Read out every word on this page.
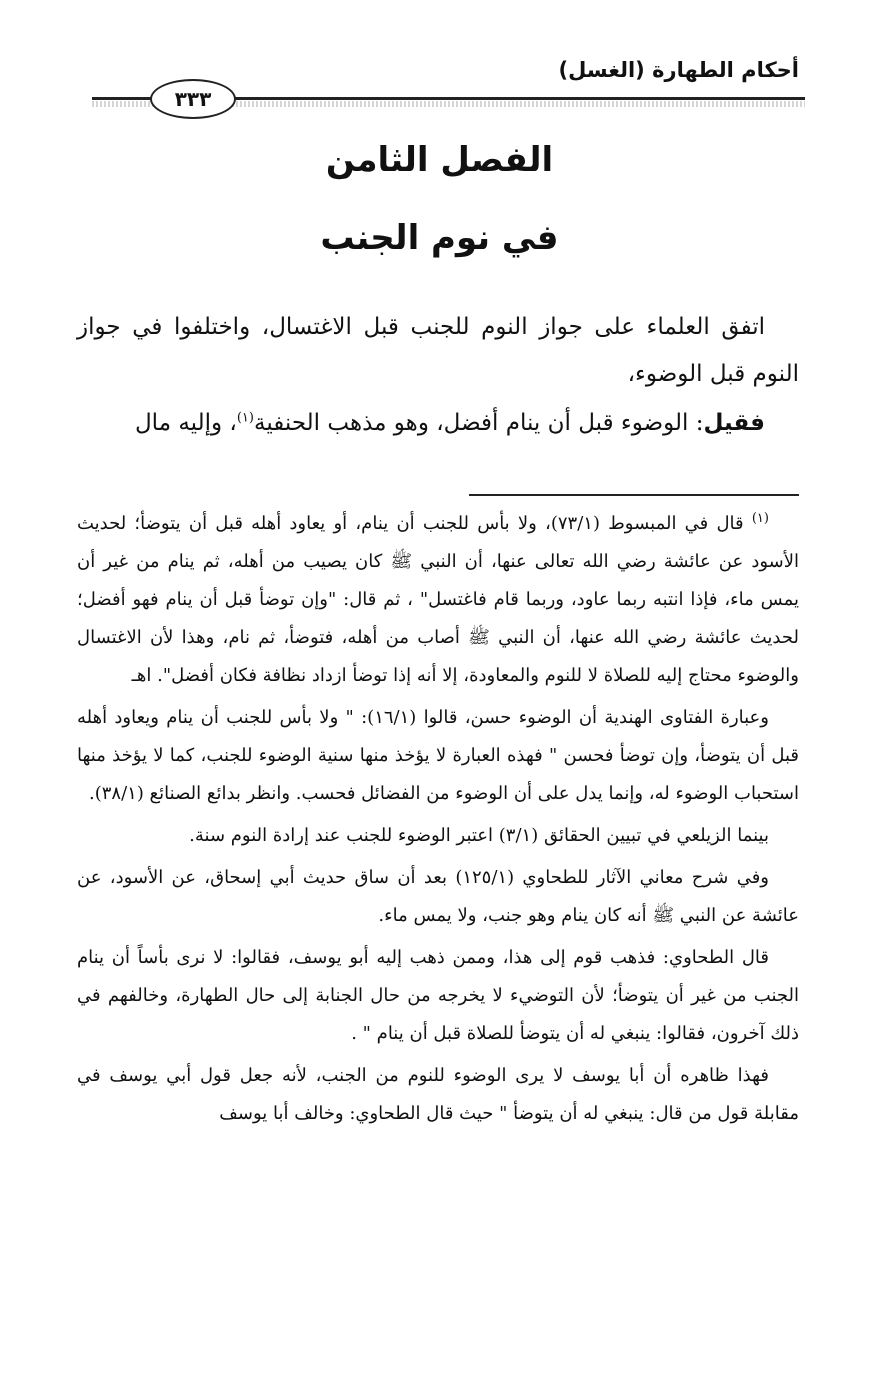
أحكام الطهارة (الغسل)
٣٣٣
الفصل الثامن
في نوم الجنب

اتفق العلماء على جواز النوم للجنب قبل الاغتسال، واختلفوا في جواز النوم قبل الوضوء،

فقيل: الوضوء قبل أن ينام أفضل، وهو مذهب الحنفية$^{(١)}$، وإليه مال

$^{(١)}$ قال في المبسوط (٧٣/١)، ولا بأس للجنب أن ينام، أو يعاود أهله قبل أن يتوضأ؛ لحديث الأسود عن عائشة رضي الله تعالى عنها، أن النبي ﷺ كان يصيب من أهله، ثم ينام من غير أن يمس ماء، فإذا انتبه ربما عاود، وربما قام فاغتسل" ، ثم قال: "وإن توضأ قبل أن ينام فهو أفضل؛ لحديث عائشة رضي الله عنها، أن النبي ﷺ أصاب من أهله، فتوضأ، ثم نام، وهذا لأن الاغتسال والوضوء محتاج إليه للصلاة لا للنوم والمعاودة، إلا أنه إذا توضأ ازداد نظافة فكان أفضل". اهـ

وعبارة الفتاوى الهندية أن الوضوء حسن، قالوا (١٦/١): " ولا بأس للجنب أن ينام ويعاود أهله قبل أن يتوضأ، وإن توضأ فحسن " فهذه العبارة لا يؤخذ منها سنية الوضوء للجنب، كما لا يؤخذ منها استحباب الوضوء له، وإنما يدل على أن الوضوء من الفضائل فحسب. وانظر بدائع الصنائع (٣٨/١).

بينما الزيلعي في تبيين الحقائق (٣/١) اعتبر الوضوء للجنب عند إرادة النوم سنة.

وفي شرح معاني الآثار للطحاوي (١٢٥/١) بعد أن ساق حديث أبي إسحاق، عن الأسود، عن عائشة عن النبي ﷺ أنه كان ينام وهو جنب، ولا يمس ماء.

قال الطحاوي: فذهب قوم إلى هذا، وممن ذهب إليه أبو يوسف، فقالوا: لا نرى بأساً أن ينام الجنب من غير أن يتوضأ؛ لأن التوضيء لا يخرجه من حال الجنابة إلى حال الطهارة، وخالفهم في ذلك آخرون، فقالوا: ينبغي له أن يتوضأ للصلاة قبل أن ينام " .

فهذا ظاهره أن أبا يوسف لا يرى الوضوء للنوم من الجنب، لأنه جعل قول أبي يوسف في مقابلة قول من قال: ينبغي له أن يتوضأ " حيث قال الطحاوي: وخالف أبا يوسف
